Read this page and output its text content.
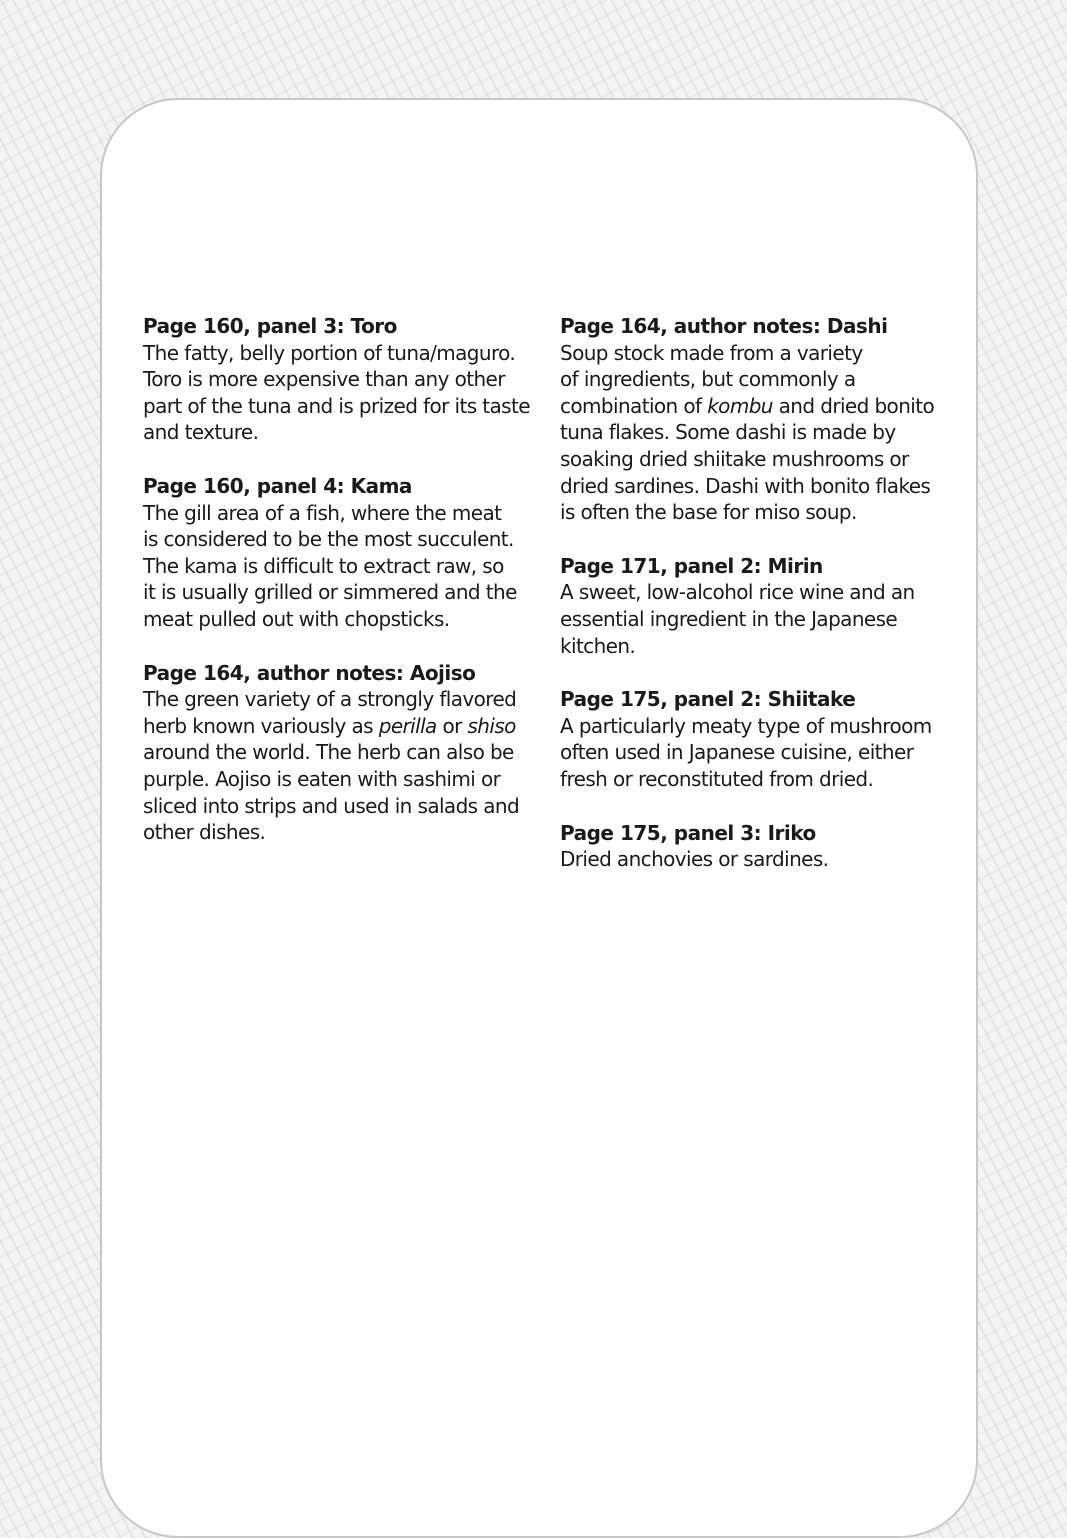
Page 160, panel 3: Toro

The fatty, belly portion of tuna/maguro.

Toro is more expensive than any other

part of the tuna and is prized for its taste

and texture.

Page 160, panel 4: Kama

The gill area of a fish, where the meat

is considered to be the most succulent.

The kama is difficult to extract raw, so

it is usually grilled or simmered and the

meat pulled out with chopsticks.

Page 164, author notes: Aojiso

The green variety of a strongly flavored

herb known variously as perilla or shiso

around the world. The herb can also be

purple. Aojiso is eaten with sashimi or

sliced into strips and used in salads and

other dishes.

Page 164, author notes: Dashi

Soup stock made from a variety

of ingredients, but commonly a

combination of kombu and dried bonito

tuna flakes. Some dashi is made by

soaking dried shiitake mushrooms or

dried sardines. Dashi with bonito flakes

is often the base for miso soup.

Page 171, panel 2: Mirin

A sweet, low-alcohol rice wine and an

essential ingredient in the Japanese

kitchen.

Page 175, panel 2: Shiitake

A particularly meaty type of mushroom

often used in Japanese cuisine, either

fresh or reconstituted from dried.

Page 175, panel 3: Iriko

Dried anchovies or sardines.
